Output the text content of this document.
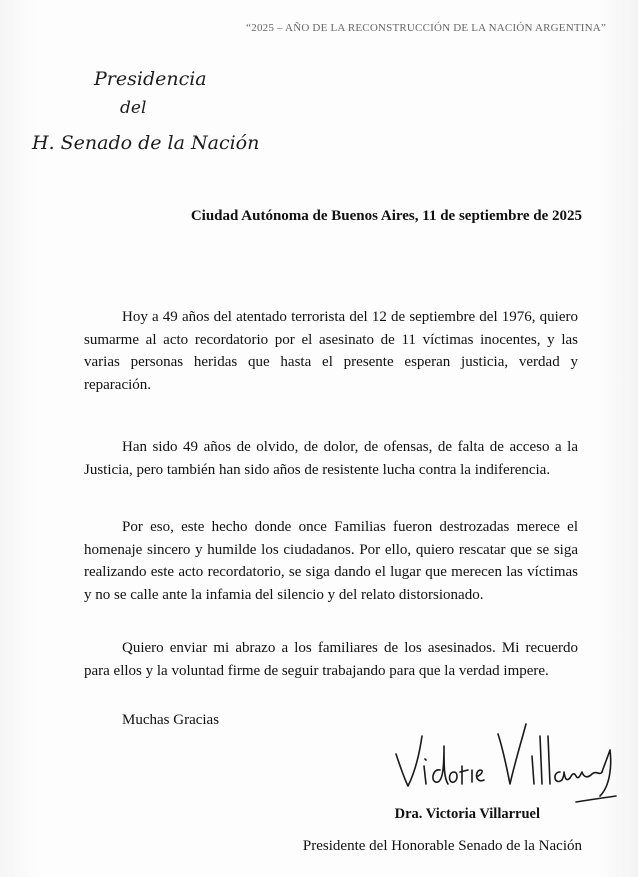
“2025 – AÑO DE LA RECONSTRUCCIÓN DE LA NACIÓN ARGENTINA”
Presidencia
del
H. Senado de la Nación
Ciudad Autónoma de Buenos Aires, 11 de septiembre de 2025

Hoy a 49 años del atentado terrorista del 12 de septiembre del 1976, quiero sumarme al acto recordatorio por el asesinato de 11 víctimas inocentes, y las varias personas heridas que hasta el presente esperan justicia, verdad y reparación.

Han sido 49 años de olvido, de dolor, de ofensas, de falta de acceso a la Justicia, pero también han sido años de resistente lucha contra la indiferencia.

Por eso, este hecho donde once Familias fueron destrozadas merece el homenaje sincero y humilde los ciudadanos. Por ello, quiero rescatar que se siga realizando este acto recordatorio, se siga dando el lugar que merecen las víctimas y no se calle ante la infamia del silencio y del relato distorsionado.

Quiero enviar mi abrazo a los familiares de los asesinados. Mi recuerdo para ellos y la voluntad firme de seguir trabajando para que la verdad impere.

Muchas Gracias
Dra. Victoria Villarruel
Presidente del Honorable Senado de la Nación
